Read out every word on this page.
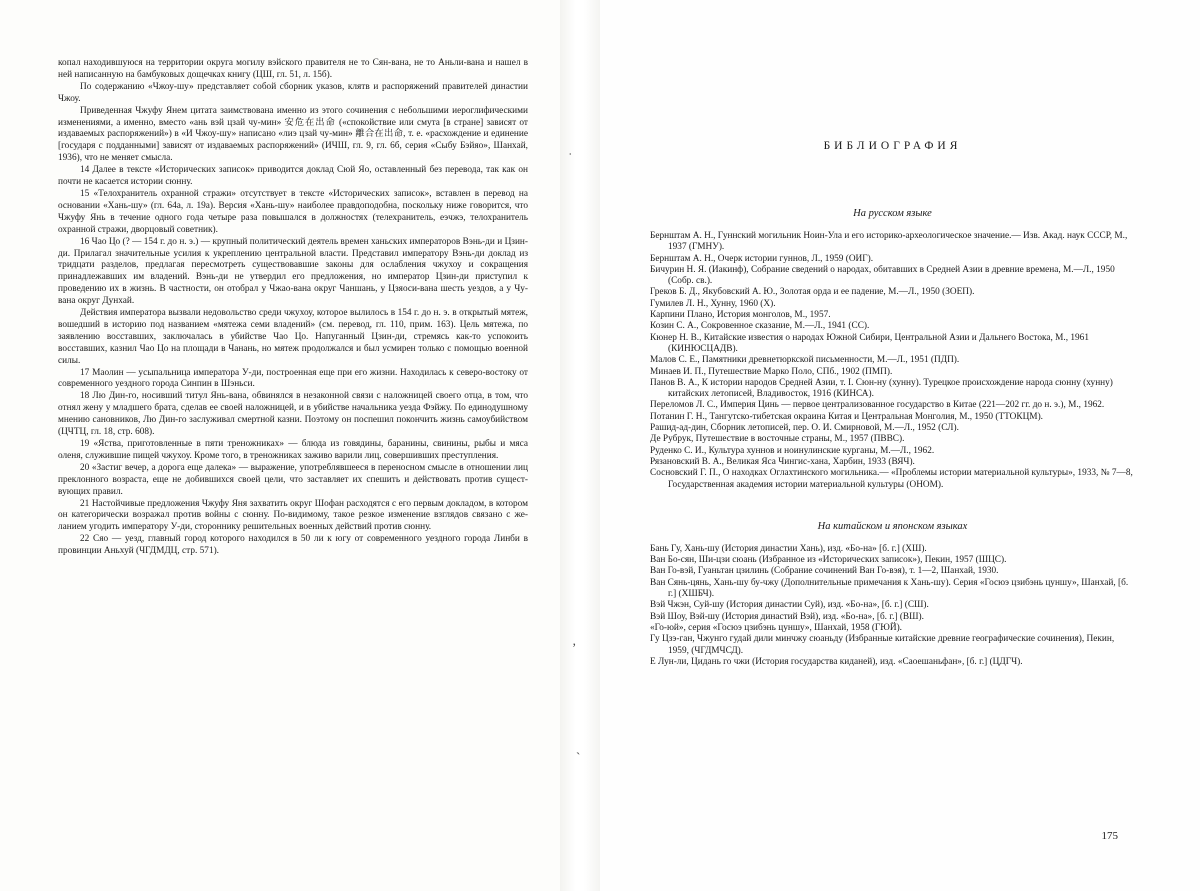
копал находившуюся на территории округа могилу вэйского правителя не то Сян-вана, не то Аньли-вана и нашел в ней написанную на бамбуковых дощечках книгу (ЦШ, гл. 51, л. 15б).

По содержанию «Чжоу-шу» представляет собой сборник указов, клятв и распоряжений правителей династии Чжоу.

Приведенная Чжуфу Янем цитата заимствована именно из этого сочинения с небольшими иероглифическими изменениями, а именно, вместо «ань вэй цзай чу-мин» 安危在出命 («спокойствие или смута [в стране] зависят от издаваемых распоряжений») в «И Чжоу-шу» написано «лиэ цзай чу-мин» 離合在出命, т. е. «расхождение и единение [государя с подданными] зависят от издаваемых распоряжений» (ИЧШ, гл. 9, гл. 6б, серия «Сыбу Бэйяо», Шанхай, 1936), что не меняет смысла.

14 Далее в тексте «Исторических записок» приводится доклад Сюй Яо, оставленный без перевода, так как он почти не касается истории сюнну.

15 «Телохранитель охранной стражи» отсутствует в тексте «Исторических записок», вставлен в перевод на основании «Хань-шу» (гл. 64а, л. 19а). Версия «Хань-шу» наиболее правдоподобна, поскольку ниже говорится, что Чжуфу Янь в течение одного года четыре раза повышался в должностях (телехранитель, еэчжэ, телохранитель охранной стражи, дворцовый советник).

16 Чао Цо (? — 154 г. до н. э.) — крупный политический деятель времен ханьских императоров Вэнь-ди и Цзин-ди. Прилагал значительные усилия к укреплению центральной власти. Представил императору Вэнь-ди доклад из тридцати разделов, предлагая пересмотреть существовавшие законы для ослабления чжухоу и сокращения принадлежавших им владений. Вэнь-ди не утвердил его предложения, но император Цзин-ди приступил к проведению их в жизнь. В частности, он отобрал у Чжао-вана округ Чаншань, у Цзяоси-вана шесть уездов, а у Чу-вана округ Дунхай.

Действия императора вызвали недовольство среди чжухоу, которое вылилось в 154 г. до н. э. в открытый мятеж, вошедший в историю под названием «мятежа семи владений» (см. перевод, гл. 110, прим. 163). Цель мятежа, по заявлению восставших, заключалась в убийстве Чао Цо. Напуганный Цзин-ди, стремясь как-то успокоить восставших, казнил Чао Цо на площади в Чанань, но мятеж продолжался и был усмирен только с помощью военной силы.

17 Маолин — усыпальница императора У-ди, построенная еще при его жизни. Находилась к северо-востоку от современного уездного города Синпин в Шэньси.

18 Лю Дин-го, носивший титул Янь-вана, обвинялся в незаконной связи с наложницей своего отца, в том, что отнял жену у младшего брата, сделав ее своей наложницей, и в убийстве начальника уезда Фэйжу. По единодушному мнению сановников, Лю Дин-го заслуживал смертной казни. Поэтому он поспешил покончить жизнь самоубийством (ЦЧТЦ, гл. 18, стр. 608).

19 «Яства, приготовленные в пяти треножниках» — блюда из говядины, баранины, свинины, рыбы и мяса оленя, служившие пищей чжухоу. Кроме того, в треножниках заживо варили лиц, совершивших преступления.

20 «Застиг вечер, а дорога еще далека» — выражение, употреблявшееся в переносном смысле в отношении лиц преклонного возраста, еще не добившихся своей цели, что заставляет их спешить и действовать против существующих правил.

21 Настойчивые предложения Чжуфу Яня захватить округ Шофан расходятся с его первым докладом, в котором он категорически возражал против войны с сюнну. По-видимому, такое резкое изменение взглядов связано с желанием угодить императору У-ди, стороннику решительных военных действий против сюнну.

22 Сяо — уезд, главный город которого находился в 50 ли к югу от современного уездного города Линби в провинции Аньхуй (ЧГДМДЦ, стр. 571).

ˌ
ʼ
ˏ
БИБЛИОГРАФИЯ
На русском языке

Бернштам А. Н., Гуннский могильник Ноин-Ула и его историко-археологическое значение.— Изв. Акад. наук СССР, М., 1937 (ГМНУ).

Бернштам А. Н., Очерк истории гуннов, Л., 1959 (ОИГ).

Бичурин Н. Я. (Иакинф), Собрание сведений о народах, обитавших в Средней Азии в древние времена, М.—Л., 1950 (Собр. св.).

Греков Б. Д., Якубовский А. Ю., Золотая орда и ее падение, М.—Л., 1950 (ЗОЕП).

Гумилев Л. Н., Хунну, 1960 (Х).

Карпини Плано, История монголов, М., 1957.

Козин С. А., Сокровенное сказание, М.—Л., 1941 (СС).

Кюнер Н. В., Китайские известия о народах Южной Сибири, Центральной Азии и Дальнего Востока, М., 1961 (КИНЮСЦАДВ).

Малов С. Е., Памятники древнетюркской письменности, М.—Л., 1951 (ПДП).

Минаев И. П., Путешествие Марко Поло, СПб., 1902 (ПМП).

Панов В. А., К истории народов Средней Азии, т. I. Сюн-ну (хунну). Турецкое происхождение народа сюнну (хунну) китайских летописей, Владивосток, 1916 (КИНСА).

Переломов Л. С., Империя Цинь — первое централизованное государство в Китае (221—202 гг. до н. э.), М., 1962.

Потанин Г. Н., Тангутско-тибетская окраина Китая и Центральная Монголия, М., 1950 (ТТОКЦМ).

Рашид-ад-дин, Сборник летописей, пер. О. И. Смирновой, М.—Л., 1952 (СЛ).

Де Рубрук, Путешествие в восточные страны, М., 1957 (ПВВС).

Руденко С. И., Культура хуннов и ноинулинские курганы, М.—Л., 1962.

Рязановский В. А., Великая Яса Чингис-хана, Харбин, 1933 (ВЯЧ).

Сосновский Г. П., О находках Оглахтинского могильника.— «Проблемы истории материальной культуры», 1933, № 7—8, Государственная академия истории материальной культуры (ОНОМ).

На китайском и японском языках

Бань Гу, Хань-шу (История династии Хань), изд. «Бо-на» [б. г.] (ХШ).

Ван Бо-сян, Ши-цзи сюань (Избранное из «Исторических записок»), Пекин, 1957 (ШЦС).

Ван Го-вэй, Гуаньтан цзилинь (Собрание сочинений Ван Го-вэя), т. 1—2, Шанхай, 1930.

Ван Сянь-цянь, Хань-шу бу-чжу (Дополнительные примечания к Хань-шу). Серия «Госюэ цзибэнь цуншу», Шанхай, [б. г.] (ХШБЧ).

Вэй Чжэн, Суй-шу (История династии Суй), изд. «Бо-на», [б. г.] (СШ).

Вэй Шоу, Вэй-шу (История династий Вэй), изд. «Бо-на», [б. г.] (ВШ).

«Го-юй», серия «Госюэ цзибэнь цуншу», Шанхай, 1958 (ГЮЙ).

Гу Цзэ-ган, Чжунго гудай дили минчжу сюаньду (Избранные китайские древние географические сочинения), Пекин, 1959, (ЧГДМЧСД).

Е Лун-ли, Цидань го чжи (История государства киданей), изд. «Саоешаньфан», [б. г.] (ЦДГЧ).

175
